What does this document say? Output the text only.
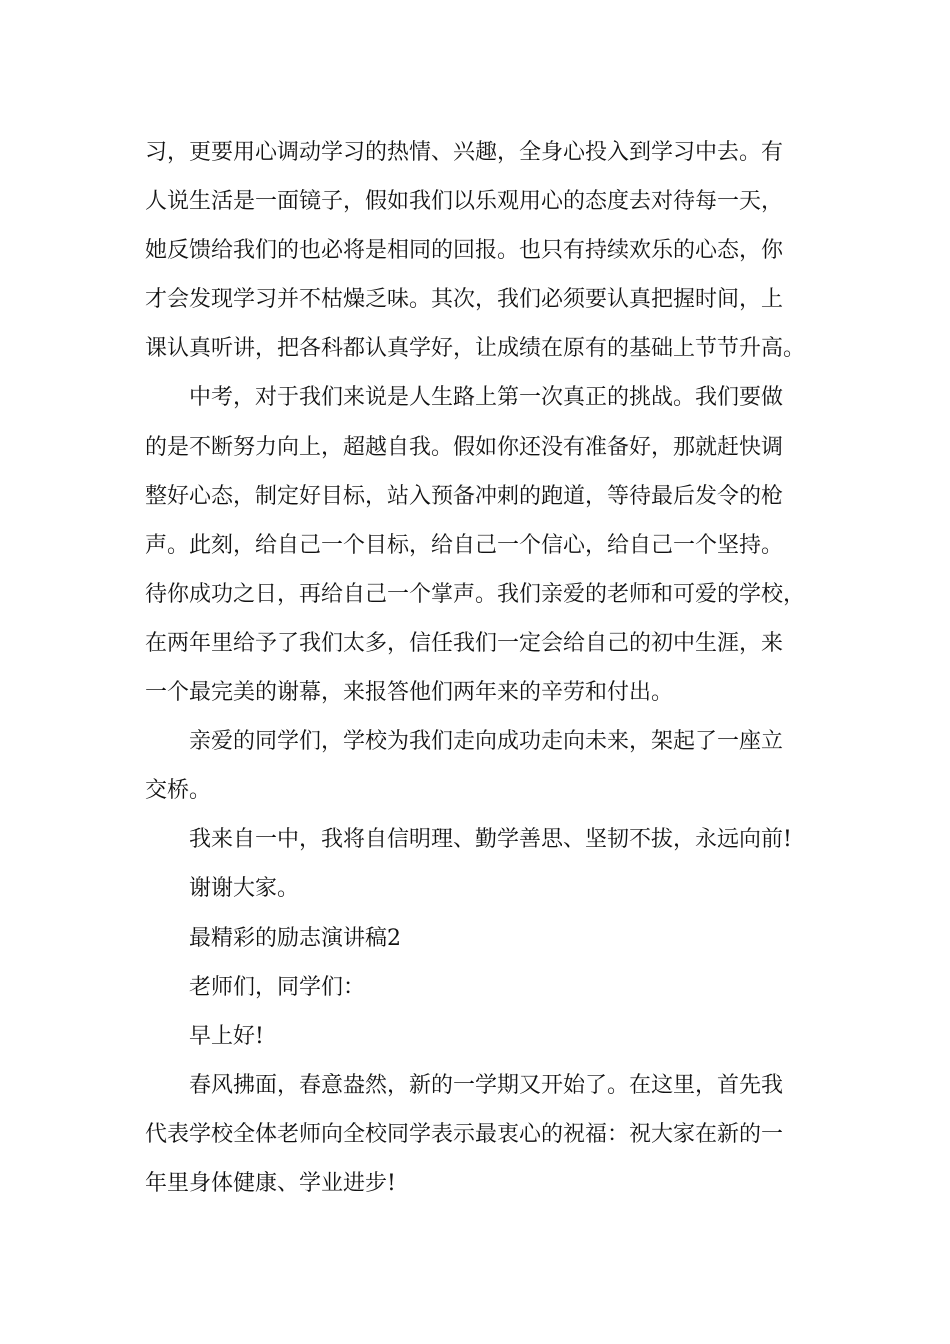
习，更要用心调动学习的热情、兴趣，全身心投入到学习中去。有
人说生活是一面镜子，假如我们以乐观用心的态度去对待每一天，
她反馈给我们的也必将是相同的回报。也只有持续欢乐的心态，你
才会发现学习并不枯燥乏味。其次，我们必须要认真把握时间，上
课认真听讲，把各科都认真学好，让成绩在原有的基础上节节升高。
中考，对于我们来说是人生路上第一次真正的挑战。我们要做
的是不断努力向上，超越自我。假如你还没有准备好，那就赶快调
整好心态，制定好目标，站入预备冲刺的跑道，等待最后发令的枪
声。此刻，给自己一个目标，给自己一个信心，给自己一个坚持。
待你成功之日，再给自己一个掌声。我们亲爱的老师和可爱的学校，
在两年里给予了我们太多，信任我们一定会给自己的初中生涯，来
一个最完美的谢幕，来报答他们两年来的辛劳和付出。
亲爱的同学们，学校为我们走向成功走向未来，架起了一座立
交桥。
我来自一中，我将自信明理、勤学善思、坚韧不拔，永远向前!
谢谢大家。
最精彩的励志演讲稿2
老师们，同学们：
早上好!
春风拂面，春意盎然，新的一学期又开始了。在这里，首先我
代表学校全体老师向全校同学表示最衷心的祝福：祝大家在新的一
年里身体健康、学业进步!
